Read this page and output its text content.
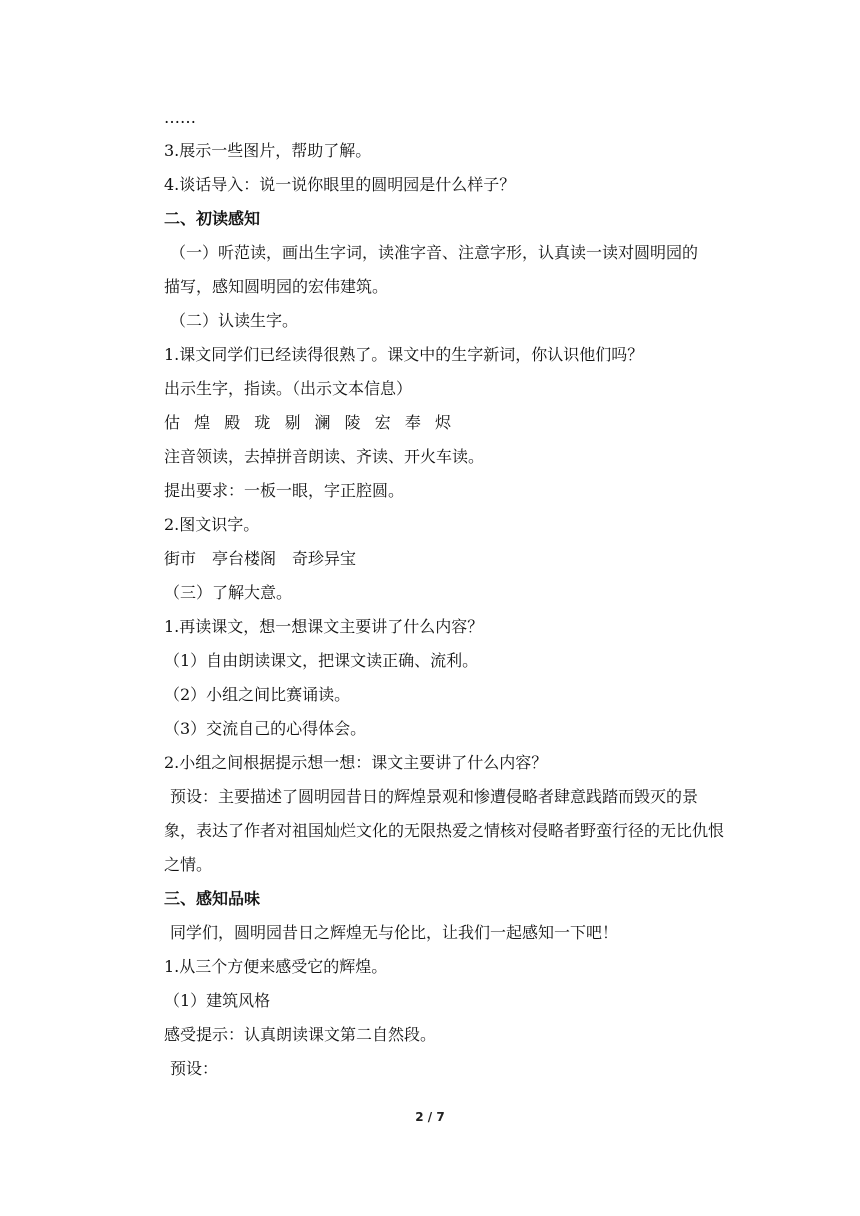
……
3.展示一些图片，帮助了解。
4.谈话导入：说一说你眼里的圆明园是什么样子？
二、初读感知
（一）听范读，画出生字词，读准字音、注意字形，认真读一读对圆明园的
描写，感知圆明园的宏伟建筑。
（二）认读生字。
1.课文同学们已经读得很熟了。课文中的生字新词，你认识他们吗？
出示生字，指读。（出示文本信息）
估 煌 殿 珑 剔 澜 陵 宏 奉 烬
注音领读，去掉拼音朗读、齐读、开火车读。
提出要求：一板一眼，字正腔圆。
2.图文识字。
街市　亭台楼阁　奇珍异宝
（三）了解大意。
1.再读课文，想一想课文主要讲了什么内容？
（1）自由朗读课文，把课文读正确、流利。
（2）小组之间比赛诵读。
（3）交流自己的心得体会。
2.小组之间根据提示想一想：课文主要讲了什么内容？
预设：主要描述了圆明园昔日的辉煌景观和惨遭侵略者肆意践踏而毁灭的景
象，表达了作者对祖国灿烂文化的无限热爱之情核对侵略者野蛮行径的无比仇恨
之情。
三、感知品味
同学们，圆明园昔日之辉煌无与伦比，让我们一起感知一下吧！
1.从三个方便来感受它的辉煌。
（1）建筑风格
感受提示：认真朗读课文第二自然段。
预设：
2 / 7
